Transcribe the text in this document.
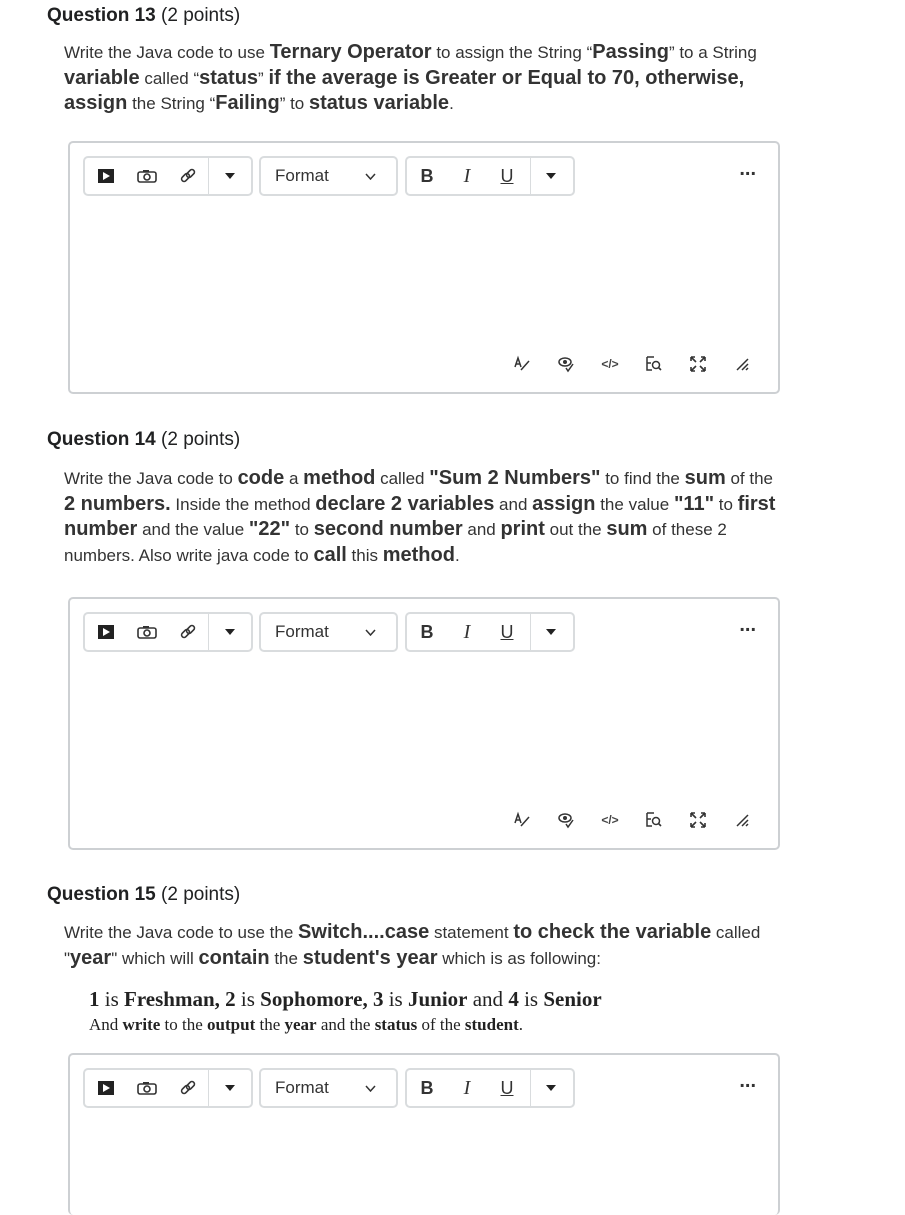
Question 13 (2 points)
Write the Java code to use Ternary Operator to assign the String “Passing” to a String variable called “status” if the average is Greater or Equal to 70, otherwise, assign the String “Failing” to status variable.
Format	B	I	U	...
</>
Question 14 (2 points)
Write the Java code to code a method called "Sum 2 Numbers" to find the sum of the 2 numbers. Inside the method declare 2 variables and assign the value "11" to first number and the value "22" to second number and print out the sum of these 2 numbers. Also write java code to call this method.
Format	B	I	U	...
</>
Question 15 (2 points)
Write the Java code to use the Switch....case statement to check the variable called "year" which will contain the student's year which is as following:
1 is Freshman, 2 is Sophomore, 3 is Junior and 4 is Senior
And write to the output the year and the status of the student.
Format	B	I	U	...
